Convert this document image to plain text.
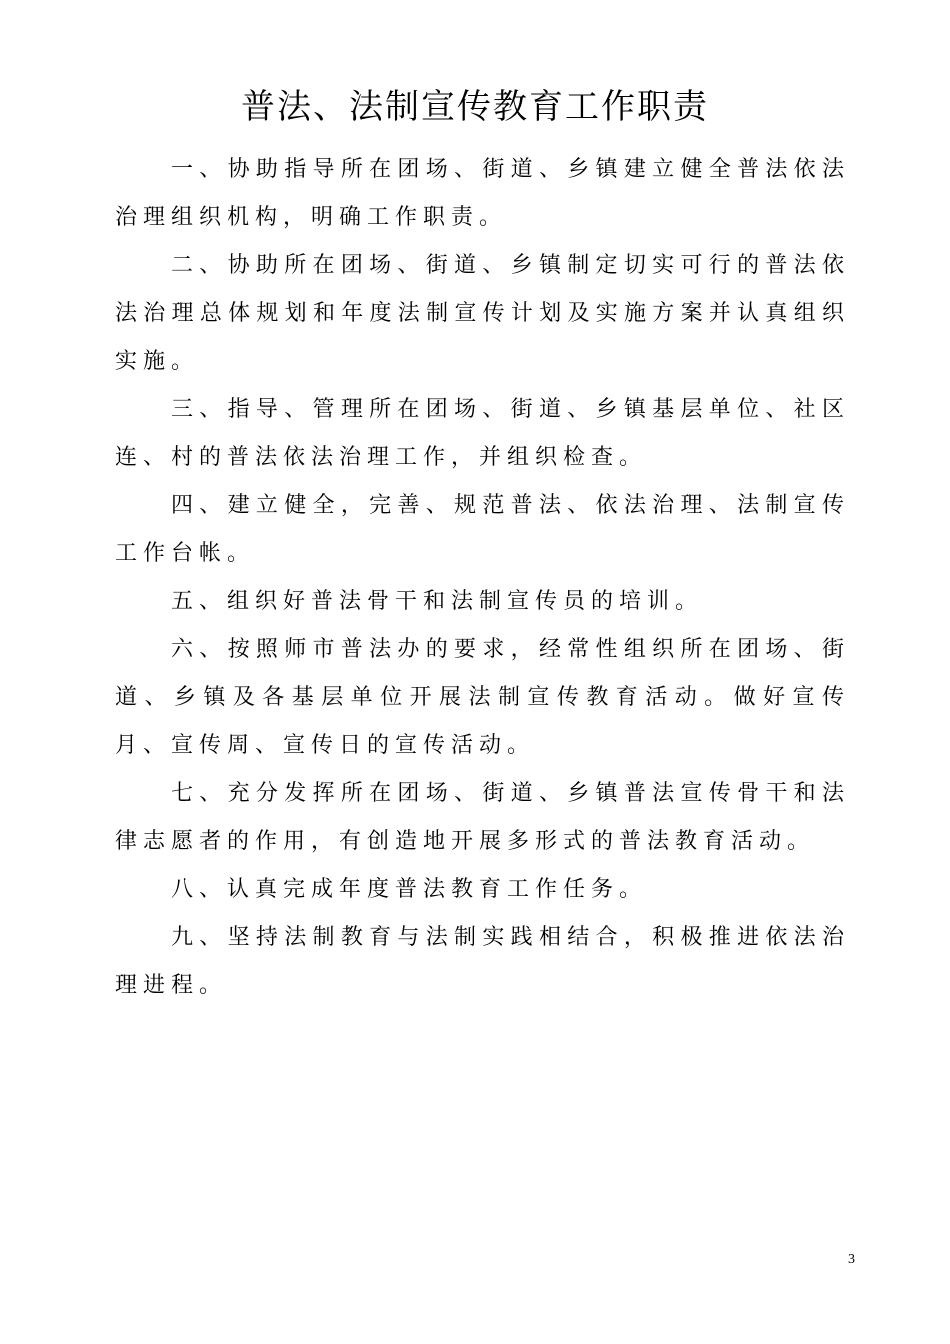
普法、法制宣传教育工作职责

一、协助指导所在团场、街道、乡镇建立健全普法依法治理组织机构，明确工作职责。

二、协助所在团场、街道、乡镇制定切实可行的普法依法治理总体规划和年度法制宣传计划及实施方案并认真组织实施。

三、指导、管理所在团场、街道、乡镇基层单位、社区连、村的普法依法治理工作，并组织检查。

四、建立健全，完善、规范普法、依法治理、法制宣传工作台帐。

五、组织好普法骨干和法制宣传员的培训。

六、按照师市普法办的要求，经常性组织所在团场、街道、乡镇及各基层单位开展法制宣传教育活动。做好宣传月、宣传周、宣传日的宣传活动。

七、充分发挥所在团场、街道、乡镇普法宣传骨干和法律志愿者的作用，有创造地开展多形式的普法教育活动。

八、认真完成年度普法教育工作任务。

九、坚持法制教育与法制实践相结合，积极推进依法治理进程。

3
